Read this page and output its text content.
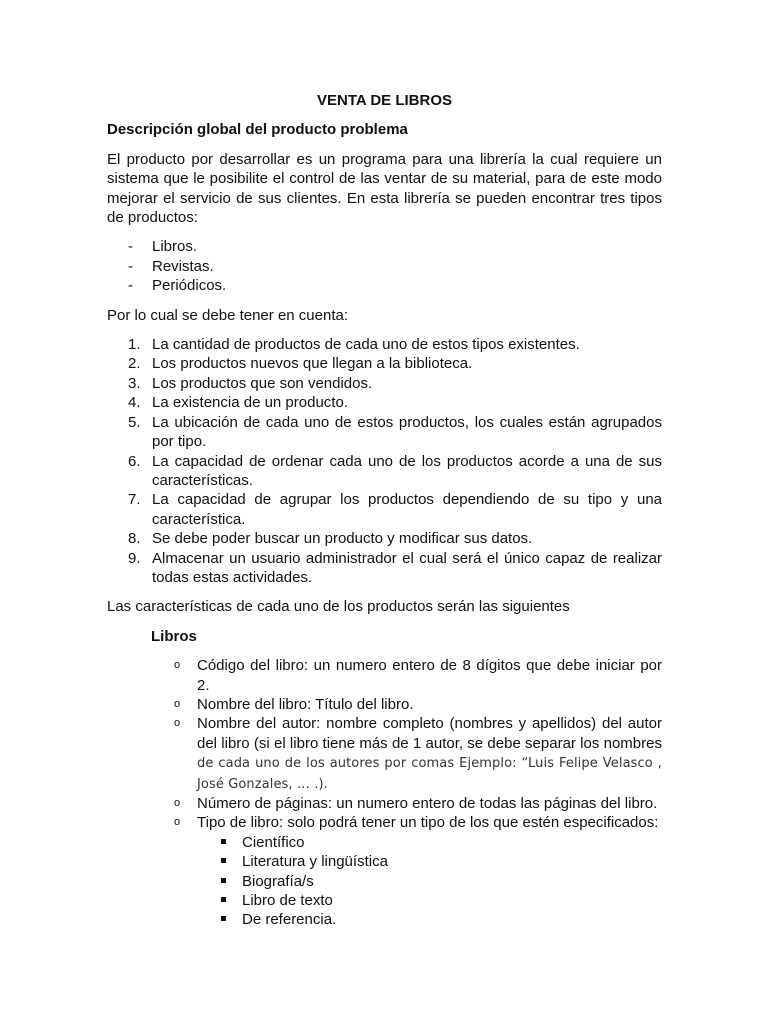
VENTA DE LIBROS
Descripción global del producto problema

El producto por desarrollar es un programa para una librería la cual requiere un sistema que le posibilite el control de las ventar de su material, para de este modo mejorar el servicio de sus clientes. En esta librería se pueden encontrar tres tipos de productos:

- Libros.
- Revistas.
- Periódicos.

Por lo cual se debe tener en cuenta:

1. La cantidad de productos de cada uno de estos tipos existentes.
2. Los productos nuevos que llegan a la biblioteca.
3. Los productos que son vendidos.
4. La existencia de un producto.
5. La ubicación de cada uno de estos productos, los cuales están agrupados por tipo.
6. La capacidad de ordenar cada uno de los productos acorde a una de sus características.
7. La capacidad de agrupar los productos dependiendo de su tipo y una característica.
8. Se debe poder buscar un producto y modificar sus datos.
9. Almacenar un usuario administrador el cual será el único capaz de realizar todas estas actividades.

Las características de cada uno de los productos serán las siguientes

Libros
o Código del libro: un numero entero de 8 dígitos que debe iniciar por 2.
o Nombre del libro: Título del libro.
o Nombre del autor: nombre completo (nombres y apellidos) del autor del libro (si el libro tiene más de 1 autor, se debe separar los nombres de cada uno de los autores por comas Ejemplo: “Luis Felipe Velasco , José Gonzales, … .).
o Número de páginas: un numero entero de todas las páginas del libro.
o Tipo de libro: solo podrá tener un tipo de los que estén especificados:
Científico
Literatura y lingüística
Biografía/s
Libro de texto
De referencia.
